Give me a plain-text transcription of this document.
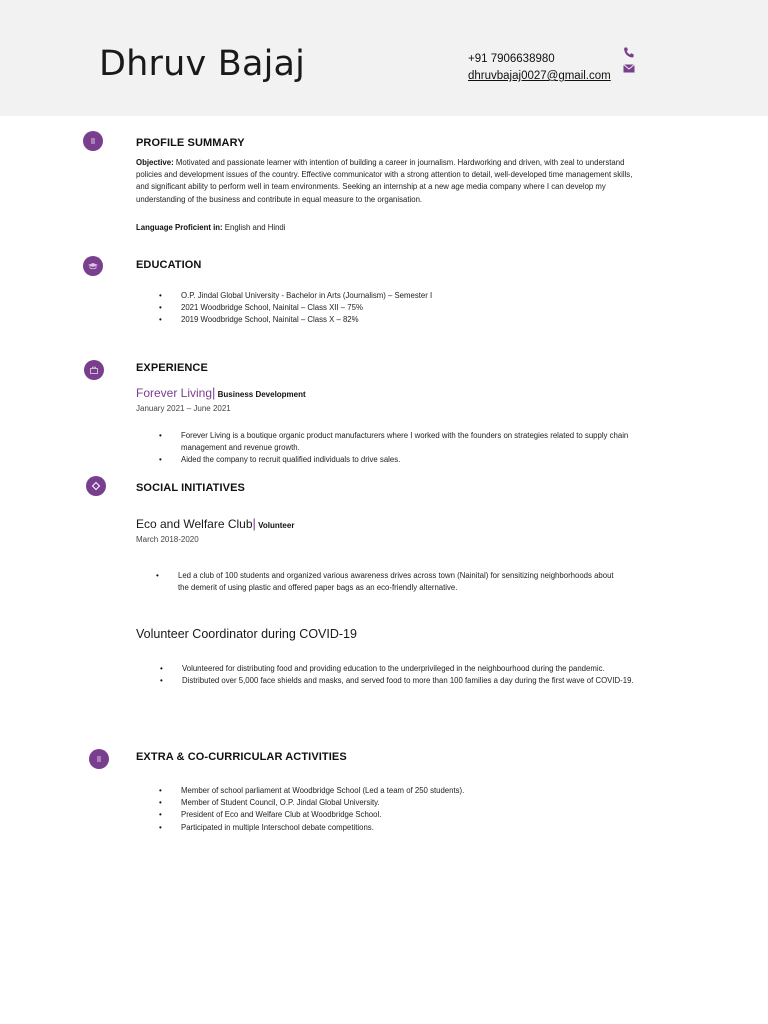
Dhruv Bajaj	+91 7906638980
dhruvbajaj0027@gmail.com
PROFILE SUMMARY
Objective: Motivated and passionate learner with intention of building a career in journalism. Hardworking and driven, with zeal to understand
policies and development issues of the country. Effective communicator with a strong attention to detail, well-developed time management skills,
and significant ability to perform well in team environments. Seeking an internship at a new age media company where I can develop my
understanding of the business and contribute in equal measure to the organisation.
Language Proficient in: English and Hindi
EDUCATION
• O.P. Jindal Global University - Bachelor in Arts (Journalism) – Semester I
• 2021 Woodbridge School, Nainital – Class XII – 75%
• 2019 Woodbridge School, Nainital – Class X – 82%
EXPERIENCE
Forever Living| Business Development
January 2021 – June 2021
• Forever Living is a boutique organic product manufacturers where I worked with the founders on strategies related to supply chain
management and revenue growth.
• Aided the company to recruit qualified individuals to drive sales.
SOCIAL INITIATIVES
Eco and Welfare Club| Volunteer
March 2018-2020
• Led a club of 100 students and organized various awareness drives across town (Nainital) for sensitizing neighborhoods about
the demerit of using plastic and offered paper bags as an eco-friendly alternative.
Volunteer Coordinator during COVID-19
• Volunteered for distributing food and providing education to the underprivileged in the neighbourhood during the pandemic.
• Distributed over 5,000 face shields and masks, and served food to more than 100 families a day during the first wave of COVID-19.
EXTRA & CO-CURRICULAR ACTIVITIES
• Member of school parliament at Woodbridge School (Led a team of 250 students).
• Member of Student Council, O.P. Jindal Global University.
• President of Eco and Welfare Club at Woodbridge School.
• Participated in multiple Interschool debate competitions.
